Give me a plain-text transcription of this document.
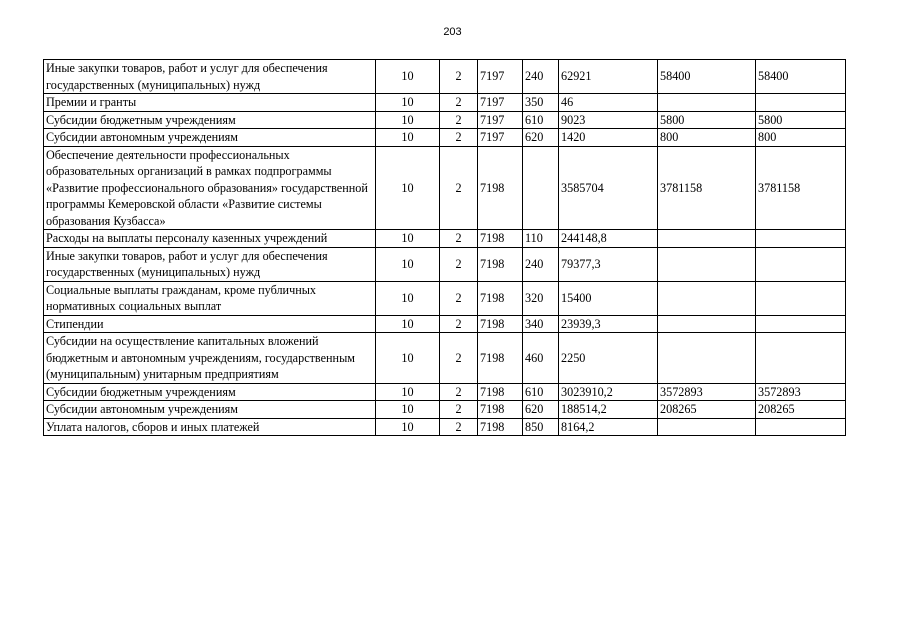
203
Иные закупки товаров, работ и услуг для обеспечения государственных (муниципальных) нужд	10	2	7197	240	62921	58400	58400
Премии и гранты	10	2	7197	350	46		
Субсидии бюджетным учреждениям	10	2	7197	610	9023	5800	5800
Субсидии автономным учреждениям	10	2	7197	620	1420	800	800
Обеспечение деятельности профессиональных образовательных организаций в рамках подпрограммы «Развитие профессионального образования» государственной программы Кемеровской области «Развитие системы образования Кузбасса»	10	2	7198		3585704	3781158	3781158
Расходы на выплаты персоналу казенных учреждений	10	2	7198	110	244148,8		
Иные закупки товаров, работ и услуг для обеспечения государственных (муниципальных) нужд	10	2	7198	240	79377,3		
Социальные выплаты гражданам, кроме публичных нормативных социальных выплат	10	2	7198	320	15400		
Стипендии	10	2	7198	340	23939,3		
Субсидии на осуществление капитальных вложений бюджетным и автономным учреждениям, государственным (муниципальным) унитарным предприятиям	10	2	7198	460	2250		
Субсидии бюджетным учреждениям	10	2	7198	610	3023910,2	3572893	3572893
Субсидии автономным учреждениям	10	2	7198	620	188514,2	208265	208265
Уплата налогов, сборов и иных платежей	10	2	7198	850	8164,2		
